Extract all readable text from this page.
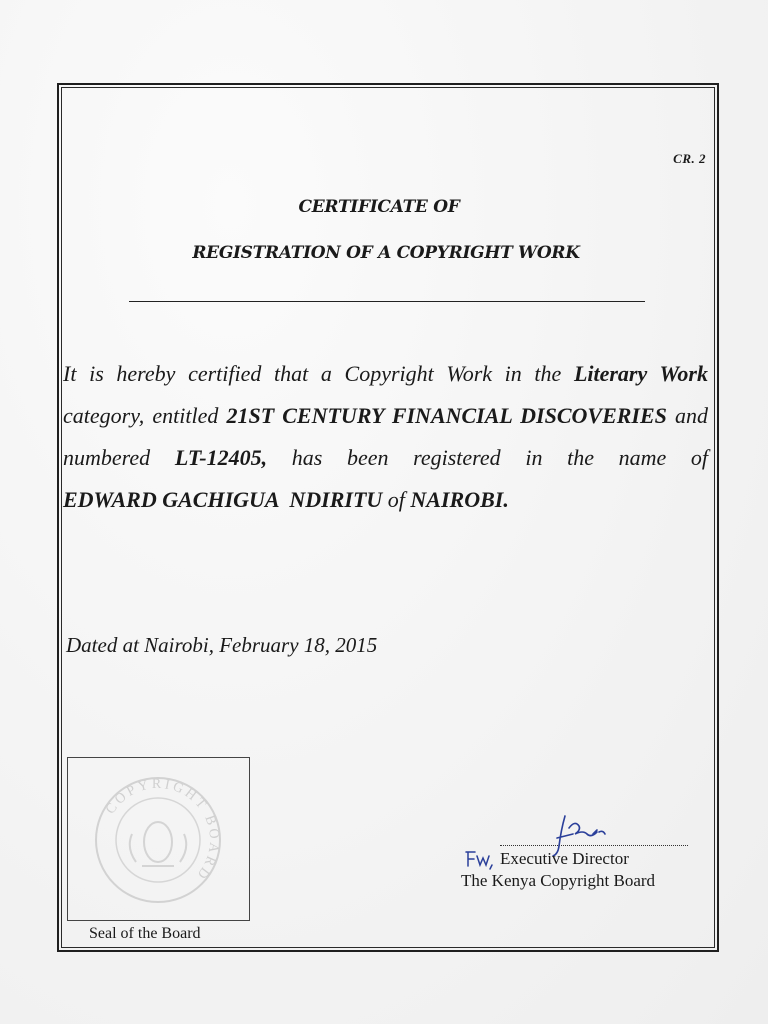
CR. 2
CERTIFICATE OF
REGISTRATION OF A COPYRIGHT WORK
It is hereby certified that a Copyright Work in the Literary Work category, entitled 21ST CENTURY FINANCIAL DISCOVERIES and numbered LT-12405, has been registered in the name of EDWARD GACHIGUA  NDIRITU of NAIROBI.
Dated at Nairobi, February 18, 2015
COPYRIGHT BOARD
Seal of the Board
Executive Director
The Kenya Copyright Board
